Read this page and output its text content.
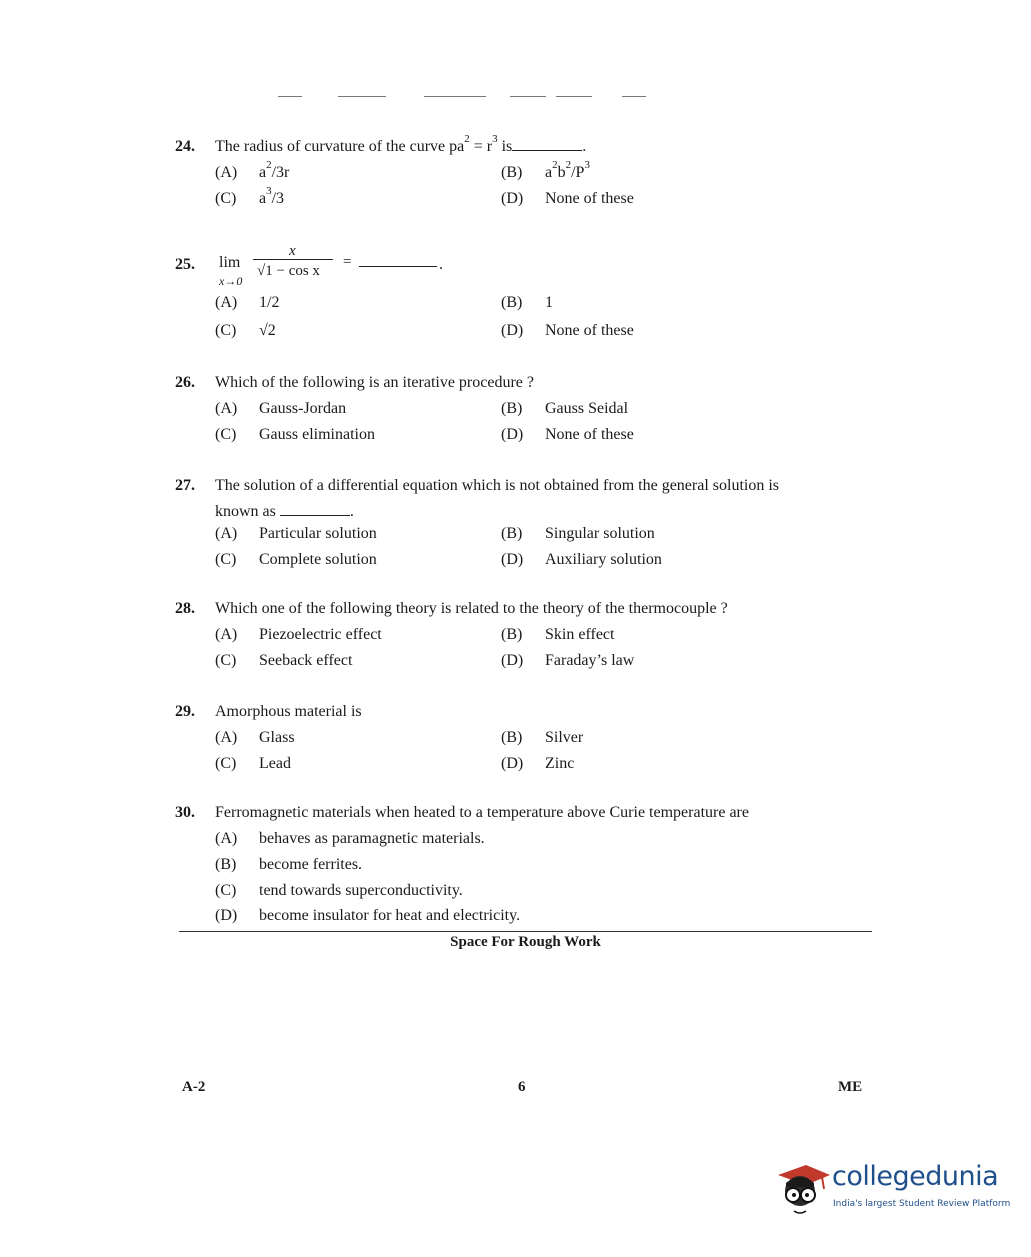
24. The radius of curvature of the curve $pa^2 = r^3$ is	.
(A) $a^2/3r$	(B) $a^2b^2/P^3$
(C) $a^3/3$	(D) None of these
25. lim
x→0
x
√1 − cos x
=	.
(A) 1/2	(B) 1
(C) √2	(D) None of these
26. Which of the following is an iterative procedure ?
(A) Gauss-Jordan	(B) Gauss Seidal
(C) Gauss elimination	(D) None of these
27. The solution of a differential equation which is not obtained from the general solution is
known as	.
(A) Particular solution	(B) Singular solution
(C) Complete solution	(D) Auxiliary solution
28. Which one of the following theory is related to the theory of the thermocouple ?
(A) Piezoelectric effect	(B) Skin effect
(C) Seeback effect	(D) Faraday’s law
29. Amorphous material is
(A) Glass	(B) Silver
(C) Lead	(D) Zinc
30. Ferromagnetic materials when heated to a temperature above Curie temperature are
(A) behaves as paramagnetic materials.
(B) become ferrites.
(C) tend towards superconductivity.
(D) become insulator for heat and electricity.
Space For Rough Work
A-2	6	ME
collegedunia
India's largest Student Review Platform
